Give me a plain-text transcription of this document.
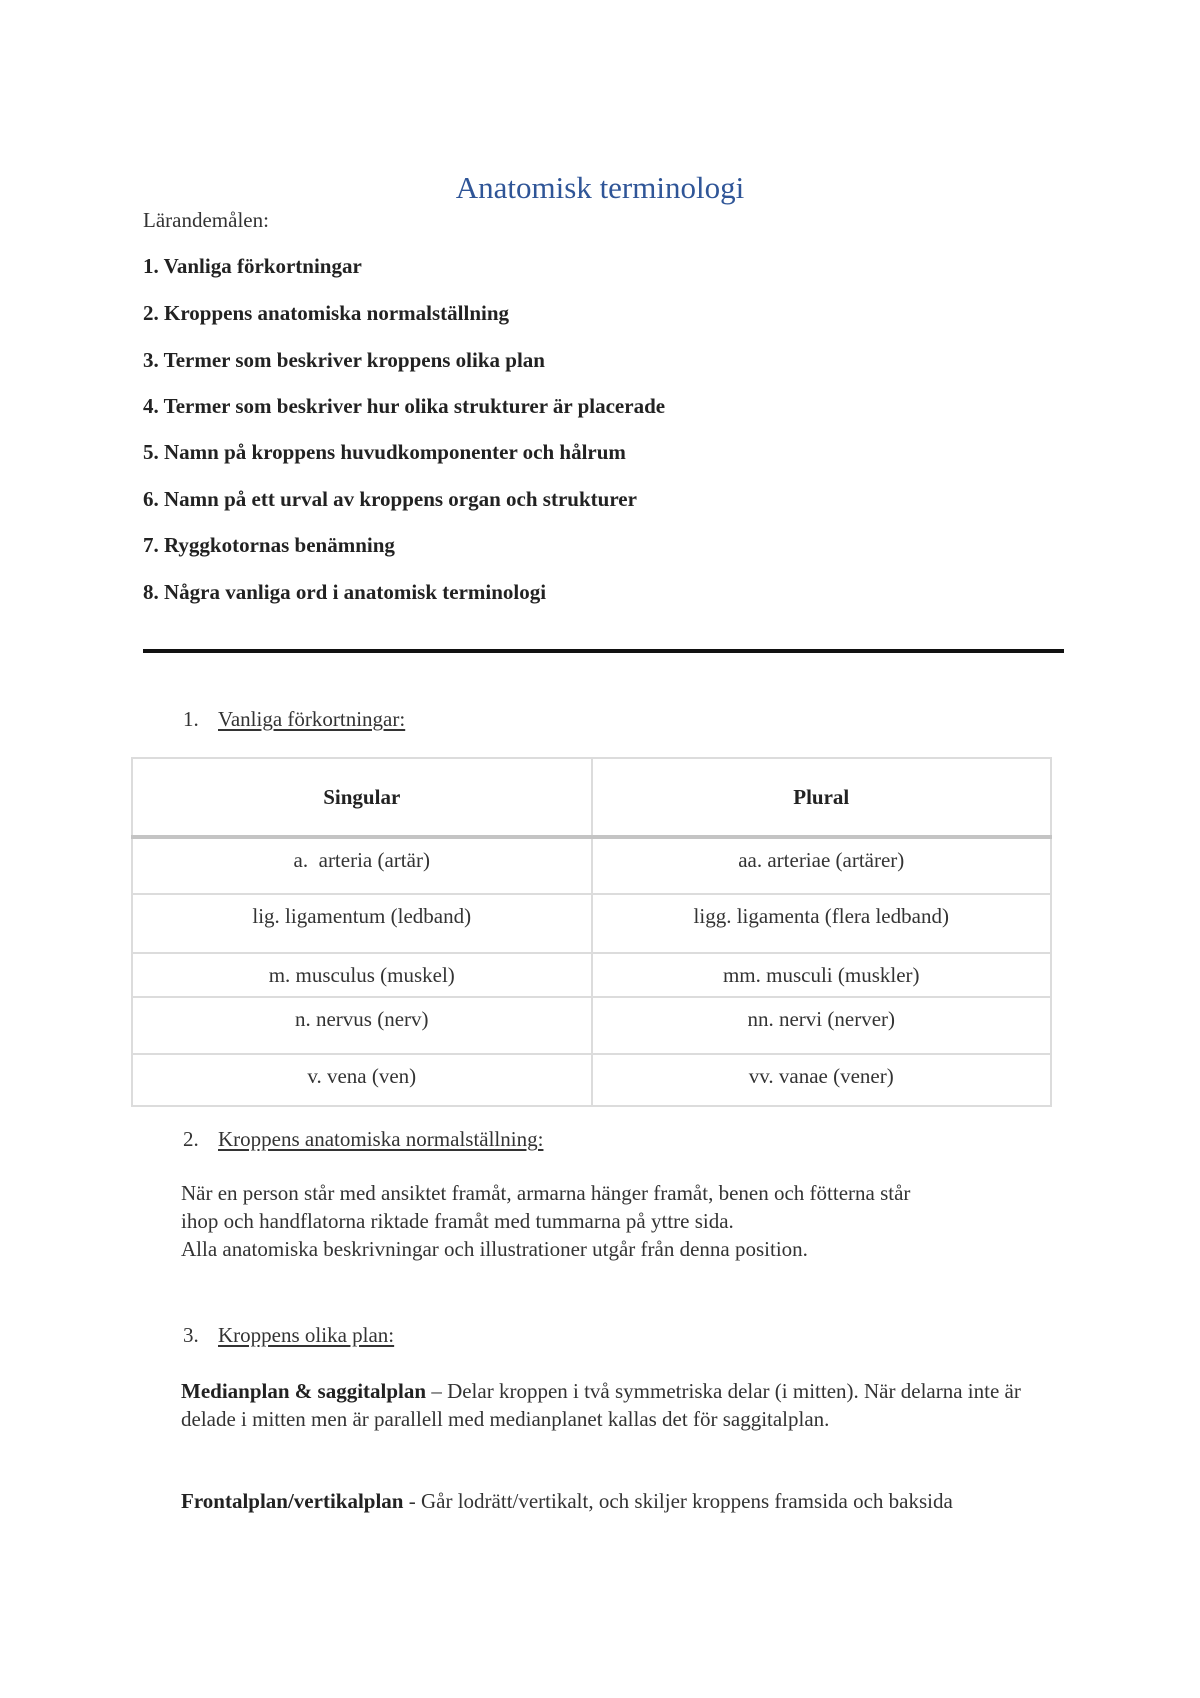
Anatomisk terminologi
Lärandemålen:
1. Vanliga förkortningar
2. Kroppens anatomiska normalställning
3. Termer som beskriver kroppens olika plan
4. Termer som beskriver hur olika strukturer är placerade
5. Namn på kroppens huvudkomponenter och hålrum
6. Namn på ett urval av kroppens organ och strukturer
7. Ryggkotornas benämning
8. Några vanliga ord i anatomisk terminologi
1. Vanliga förkortningar:
Singular	Plural
a.  arteria (artär)	aa. arteriae (artärer)
lig. ligamentum (ledband)	ligg. ligamenta (flera ledband)
m. musculus (muskel)	mm. musculi (muskler)
n. nervus (nerv)	nn. nervi (nerver)
v. vena (ven)	vv. vanae (vener)
2. Kroppens anatomiska normalställning:
När en person står med ansiktet framåt, armarna hänger framåt, benen och fötterna står
ihop och handflatorna riktade framåt med tummarna på yttre sida.
Alla anatomiska beskrivningar och illustrationer utgår från denna position.
3. Kroppens olika plan:
Medianplan & saggitalplan – Delar kroppen i två symmetriska delar (i mitten). När delarna inte är delade i mitten men är parallell med medianplanet kallas det för saggitalplan.
Frontalplan/vertikalplan - Går lodrätt/vertikalt, och skiljer kroppens framsida och baksida
